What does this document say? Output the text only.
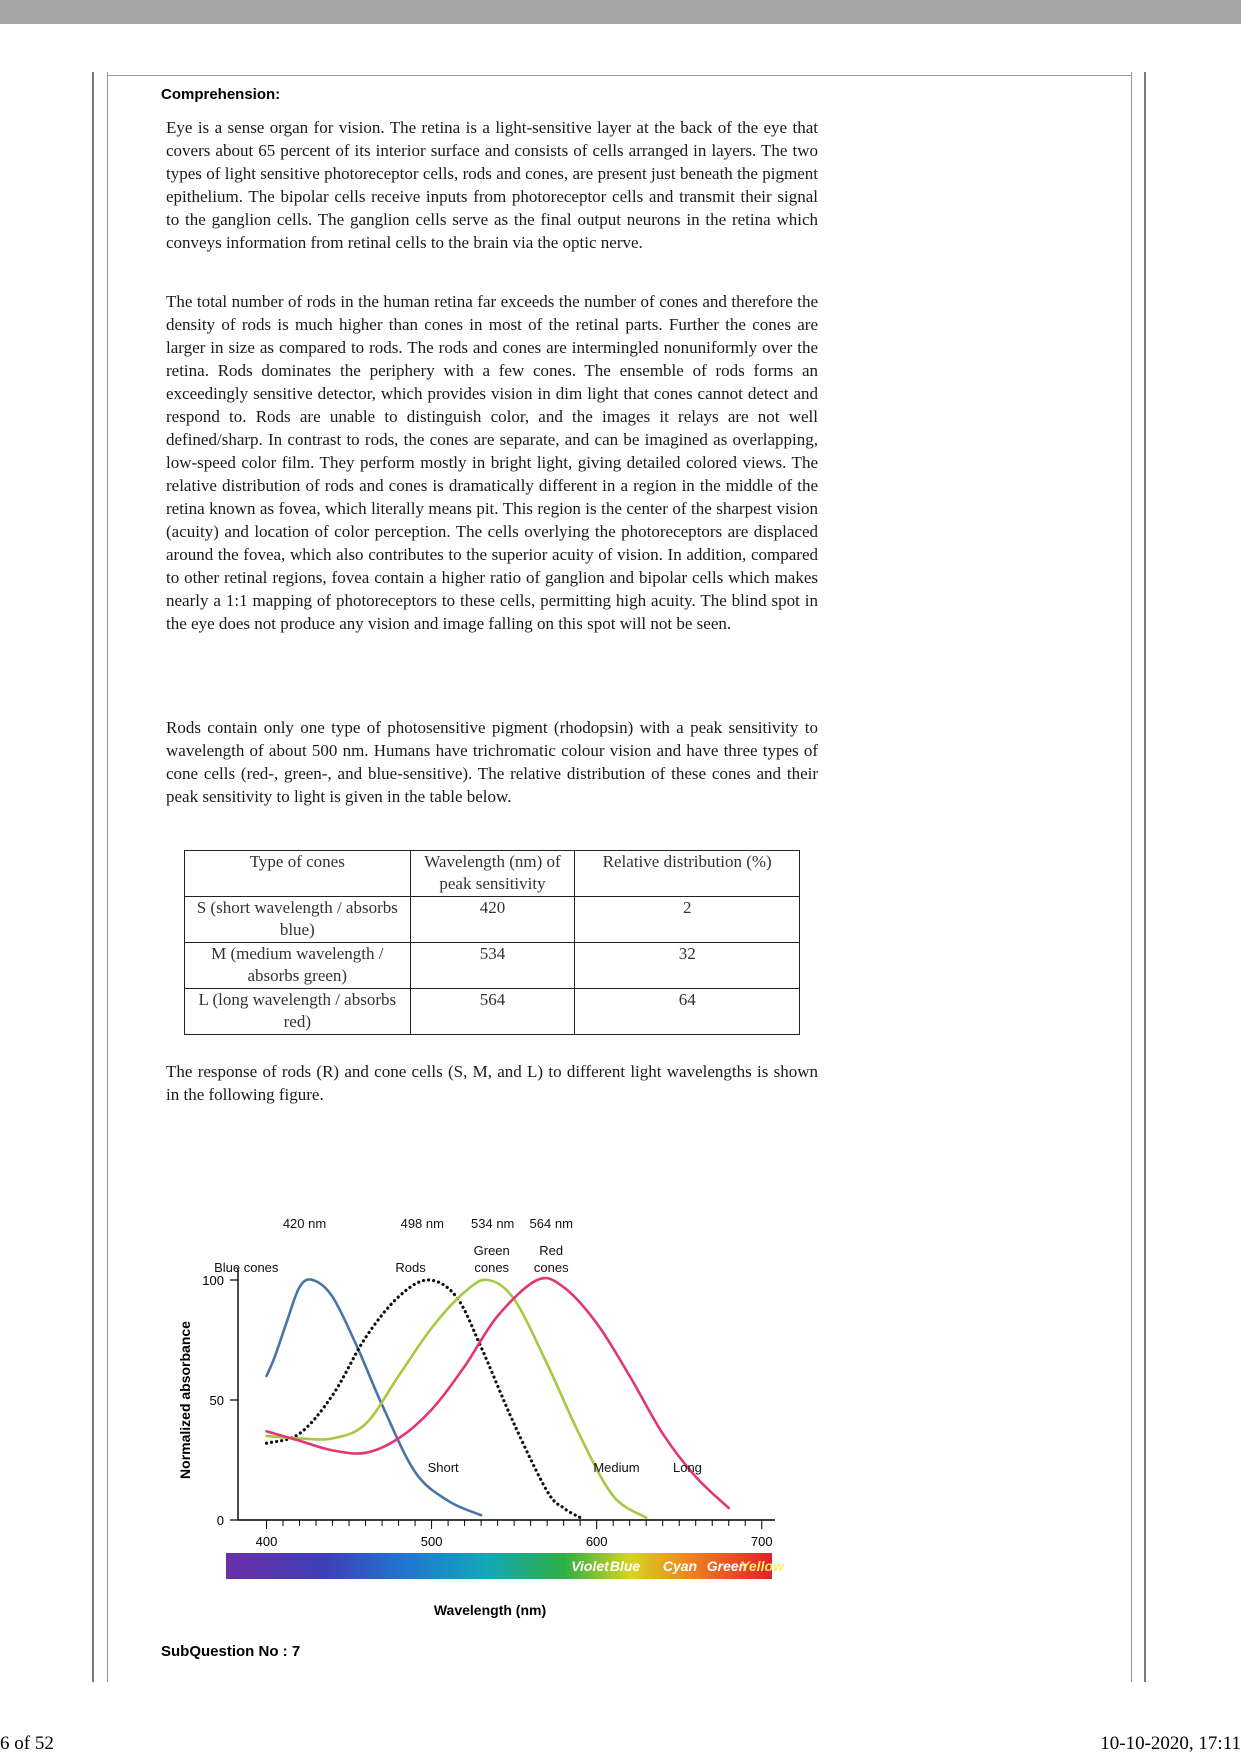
Comprehension:

Eye is a sense organ for vision. The retina is a light-sensitive layer at the back of the eye that covers about 65 percent of its interior surface and consists of cells arranged in layers. The two types of light sensitive photoreceptor cells, rods and cones, are present just beneath the pigment epithelium. The bipolar cells receive inputs from photoreceptor cells and transmit their signal to the ganglion cells. The ganglion cells serve as the final output neurons in the retina which conveys information from retinal cells to the brain via the optic nerve.

The total number of rods in the human retina far exceeds the number of cones and therefore the density of rods is much higher than cones in most of the retinal parts. Further the cones are larger in size as compared to rods. The rods and cones are intermingled nonuniformly over the retina. Rods dominates the periphery with a few cones. The ensemble of rods forms an exceedingly sensitive detector, which provides vision in dim light that cones cannot detect and respond to. Rods are unable to distinguish color, and the images it relays are not well defined/sharp. In contrast to rods, the cones are separate, and can be imagined as overlapping, low-speed color film. They perform mostly in bright light, giving detailed colored views. The relative distribution of rods and cones is dramatically different in a region in the middle of the retina known as fovea, which literally means pit. This region is the center of the sharpest vision (acuity) and location of color perception. The cells overlying the photoreceptors are displaced around the fovea, which also contributes to the superior acuity of vision. In addition, compared to other retinal regions, fovea contain a higher ratio of ganglion and bipolar cells which makes nearly a 1:1 mapping of photoreceptors to these cells, permitting high acuity. The blind spot in the eye does not produce any vision and image falling on this spot will not be seen.

Rods contain only one type of photosensitive pigment (rhodopsin) with a peak sensitivity to wavelength of about 500 nm. Humans have trichromatic colour vision and have three types of cone cells (red-, green-, and blue-sensitive). The relative distribution of these cones and their peak sensitivity to light is given in the table below.

Type of cones	Wavelength (nm) of peak sensitivity	Relative distribution (%)
S (short wavelength / absorbs blue)	420	2
M (medium wavelength / absorbs green)	534	32
L (long wavelength / absorbs red)	564	64

The response of rods (R) and cone cells (S, M, and L) to different light wavelengths is shown in the following figure.

0
50
100
400	500	600	700
Normalized absorbance
Violet Blue Cyan Green
Yellow Red
Wavelength (nm)
420 nm	498 nm 534 nm 564 nm
Blue cones	Rods
Green
cones
Red
cones
Short	Medium	Long
SubQuestion No : 7
6 of 52	10-10-2020, 17:11
